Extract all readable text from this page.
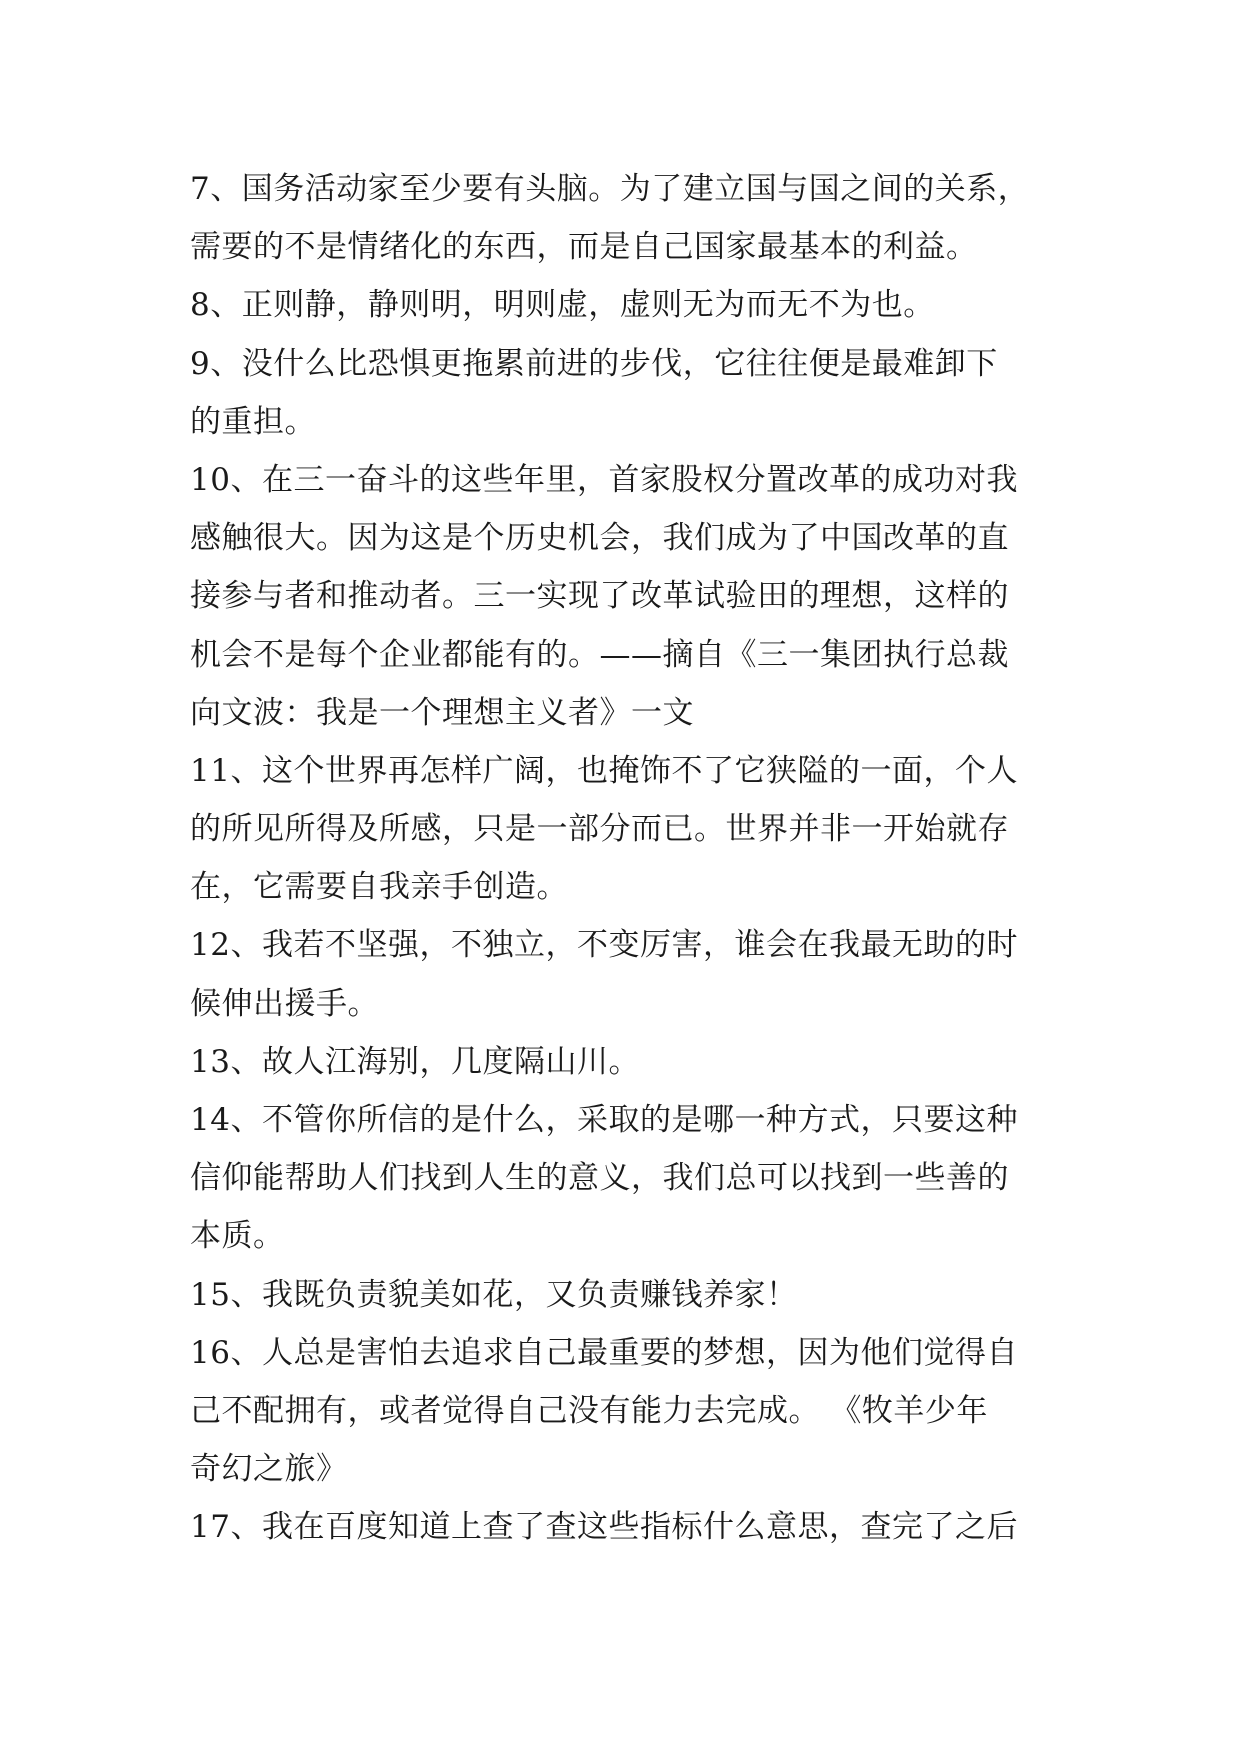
7、国务活动家至少要有头脑。为了建立国与国之间的关系，
需要的不是情绪化的东西，而是自己国家最基本的利益。
8、正则静，静则明，明则虚，虚则无为而无不为也。
9、没什么比恐惧更拖累前进的步伐，它往往便是最难卸下
的重担。
10、在三一奋斗的这些年里，首家股权分置改革的成功对我
感触很大。因为这是个历史机会，我们成为了中国改革的直
接参与者和推动者。三一实现了改革试验田的理想，这样的
机会不是每个企业都能有的。——摘自《三一集团执行总裁
向文波：我是一个理想主义者》一文
11、这个世界再怎样广阔，也掩饰不了它狭隘的一面，个人
的所见所得及所感，只是一部分而已。世界并非一开始就存
在，它需要自我亲手创造。
12、我若不坚强，不独立，不变厉害，谁会在我最无助的时
候伸出援手。
13、故人江海别，几度隔山川。
14、不管你所信的是什么，采取的是哪一种方式，只要这种
信仰能帮助人们找到人生的意义，我们总可以找到一些善的
本质。
15、我既负责貌美如花，又负责赚钱养家！
16、人总是害怕去追求自己最重要的梦想，因为他们觉得自
己不配拥有，或者觉得自己没有能力去完成。 《牧羊少年
奇幻之旅》
17、我在百度知道上查了查这些指标什么意思，查完了之后
